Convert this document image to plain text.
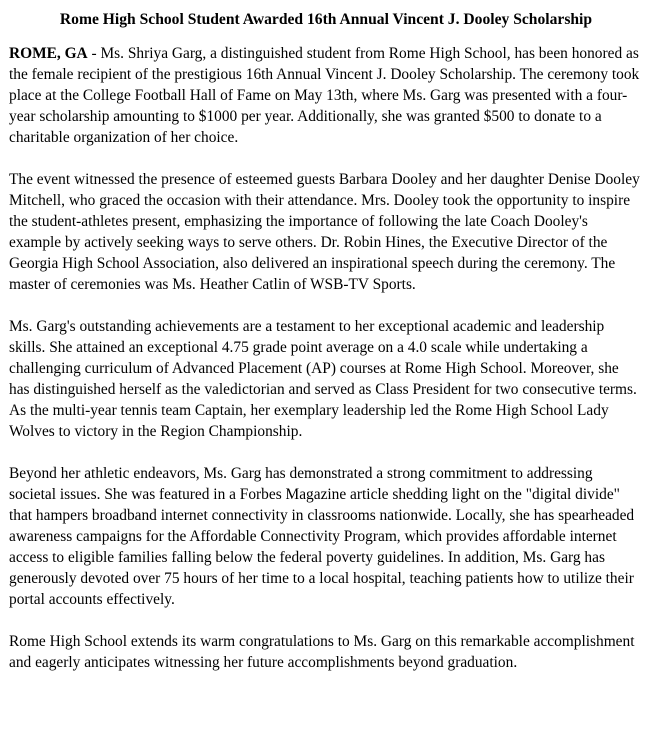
Rome High School Student Awarded 16th Annual Vincent J. Dooley Scholarship

ROME, GA - Ms. Shriya Garg, a distinguished student from Rome High School, has been honored as the female recipient of the prestigious 16th Annual Vincent J. Dooley Scholarship. The ceremony took place at the College Football Hall of Fame on May 13th, where Ms. Garg was presented with a four-year scholarship amounting to $1000 per year. Additionally, she was granted $500 to donate to a charitable organization of her choice.

The event witnessed the presence of esteemed guests Barbara Dooley and her daughter Denise Dooley Mitchell, who graced the occasion with their attendance. Mrs. Dooley took the opportunity to inspire the student-athletes present, emphasizing the importance of following the late Coach Dooley's example by actively seeking ways to serve others. Dr. Robin Hines, the Executive Director of the Georgia High School Association, also delivered an inspirational speech during the ceremony. The master of ceremonies was Ms. Heather Catlin of WSB-TV Sports.

Ms. Garg's outstanding achievements are a testament to her exceptional academic and leadership skills. She attained an exceptional 4.75 grade point average on a 4.0 scale while undertaking a challenging curriculum of Advanced Placement (AP) courses at Rome High School. Moreover, she has distinguished herself as the valedictorian and served as Class President for two consecutive terms. As the multi-year tennis team Captain, her exemplary leadership led the Rome High School Lady Wolves to victory in the Region Championship.

Beyond her athletic endeavors, Ms. Garg has demonstrated a strong commitment to addressing societal issues. She was featured in a Forbes Magazine article shedding light on the "digital divide" that hampers broadband internet connectivity in classrooms nationwide. Locally, she has spearheaded awareness campaigns for the Affordable Connectivity Program, which provides affordable internet access to eligible families falling below the federal poverty guidelines. In addition, Ms. Garg has generously devoted over 75 hours of her time to a local hospital, teaching patients how to utilize their portal accounts effectively.

Rome High School extends its warm congratulations to Ms. Garg on this remarkable accomplishment and eagerly anticipates witnessing her future accomplishments beyond graduation.
